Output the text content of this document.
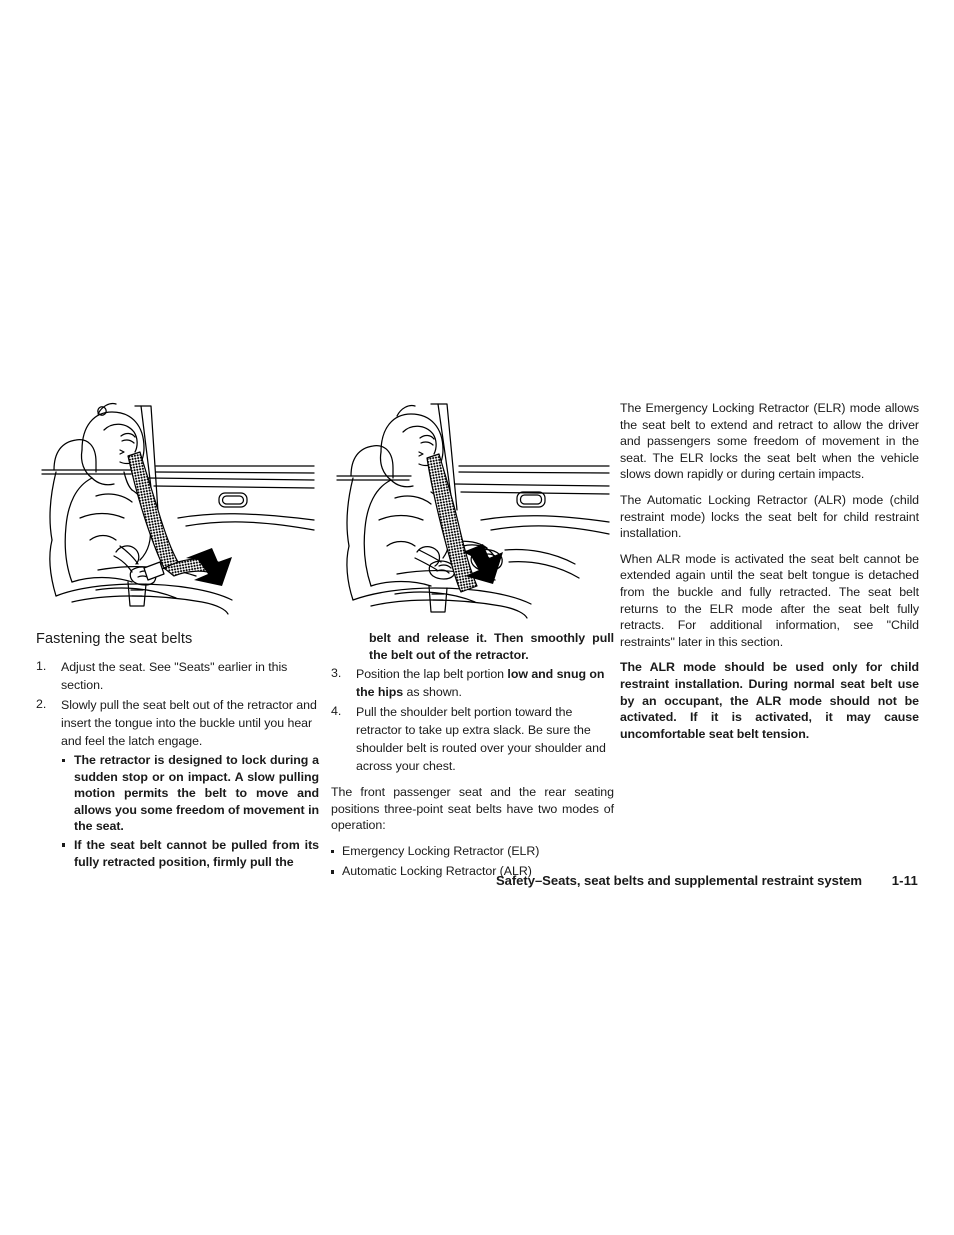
Fastening the seat belts
1.	Adjust the seat. See "Seats" earlier in this section.
2.	Slowly pull the seat belt out of the retractor and insert the tongue into the buckle until you hear and feel the latch engage.
The retractor is designed to lock during a sudden stop or on impact. A slow pulling motion permits the belt to move and allows you some freedom of movement in the seat.
If the seat belt cannot be pulled from its fully retracted position, firmly pull the
belt and release it. Then smoothly pull the belt out of the retractor.
3.	Position the lap belt portion low and snug on the hips as shown.
4.	Pull the shoulder belt portion toward the retractor to take up extra slack. Be sure the shoulder belt is routed over your shoulder and across your chest.

The front passenger seat and the rear seating positions three-point seat belts have two modes of operation:

Emergency Locking Retractor (ELR)
Automatic Locking Retractor (ALR)

The Emergency Locking Retractor (ELR) mode allows the seat belt to extend and retract to allow the driver and passengers some freedom of movement in the seat. The ELR locks the seat belt when the vehicle slows down rapidly or during certain impacts.

The Automatic Locking Retractor (ALR) mode (child restraint mode) locks the seat belt for child restraint installation.

When ALR mode is activated the seat belt cannot be extended again until the seat belt tongue is detached from the buckle and fully retracted. The seat belt returns to the ELR mode after the seat belt fully retracts. For additional information, see "Child restraints" later in this section.

The ALR mode should be used only for child restraint installation. During normal seat belt use by an occupant, the ALR mode should not be activated. If it is activated, it may cause uncomfortable seat belt tension.

Safety–Seats, seat belts and supplemental restraint system	1-11
